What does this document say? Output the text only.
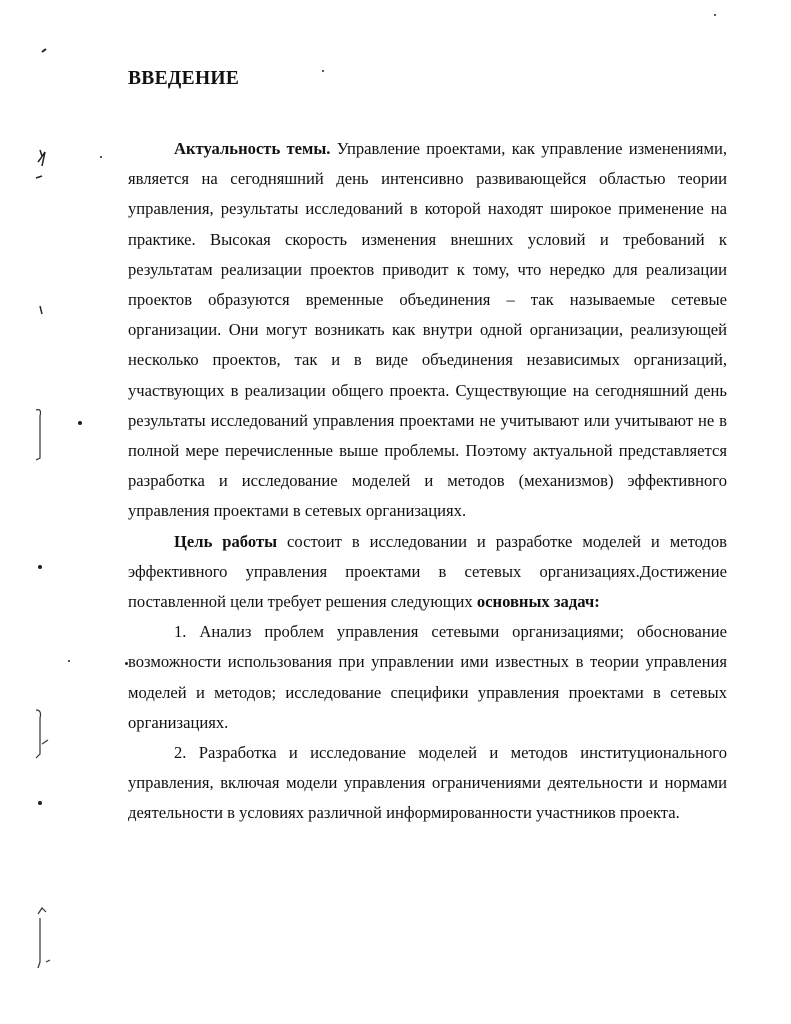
ВВЕДЕНИЕ

Актуальность темы. Управление проектами, как управление изменениями, является на сегодняшний день интенсивно развивающейся областью теории управления, результаты исследований в которой находят широкое применение на практике. Высокая скорость изменения внешних условий и требований к результатам реализации проектов приводит к тому, что нередко для реализации проектов образуются временные объединения – так называемые сетевые организации. Они могут возникать как внутри одной организации, реализующей несколько проектов, так и в виде объединения независимых организаций, участвующих в реализации общего проекта. Существующие на сегодняшний день результаты исследований управления проектами не учитывают или учитывают не в полной мере перечисленные выше проблемы. Поэтому актуальной представляется разработка и исследование моделей и методов (механизмов) эффективного управления проектами в сетевых организациях.

Цель работы состоит в исследовании и разработке моделей и методов эффективного управления проектами в сетевых организациях.Достижение поставленной цели требует решения следующих основных задач:

1. Анализ проблем управления сетевыми организациями; обоснование возможности использования при управлении ими известных в теории управления моделей и методов; исследование специфики управления проектами в сетевых организациях.

2. Разработка и исследование моделей и методов институционального управления, включая модели управления ограничениями деятельности и нормами деятельности в условиях различной информированности участников проекта.
